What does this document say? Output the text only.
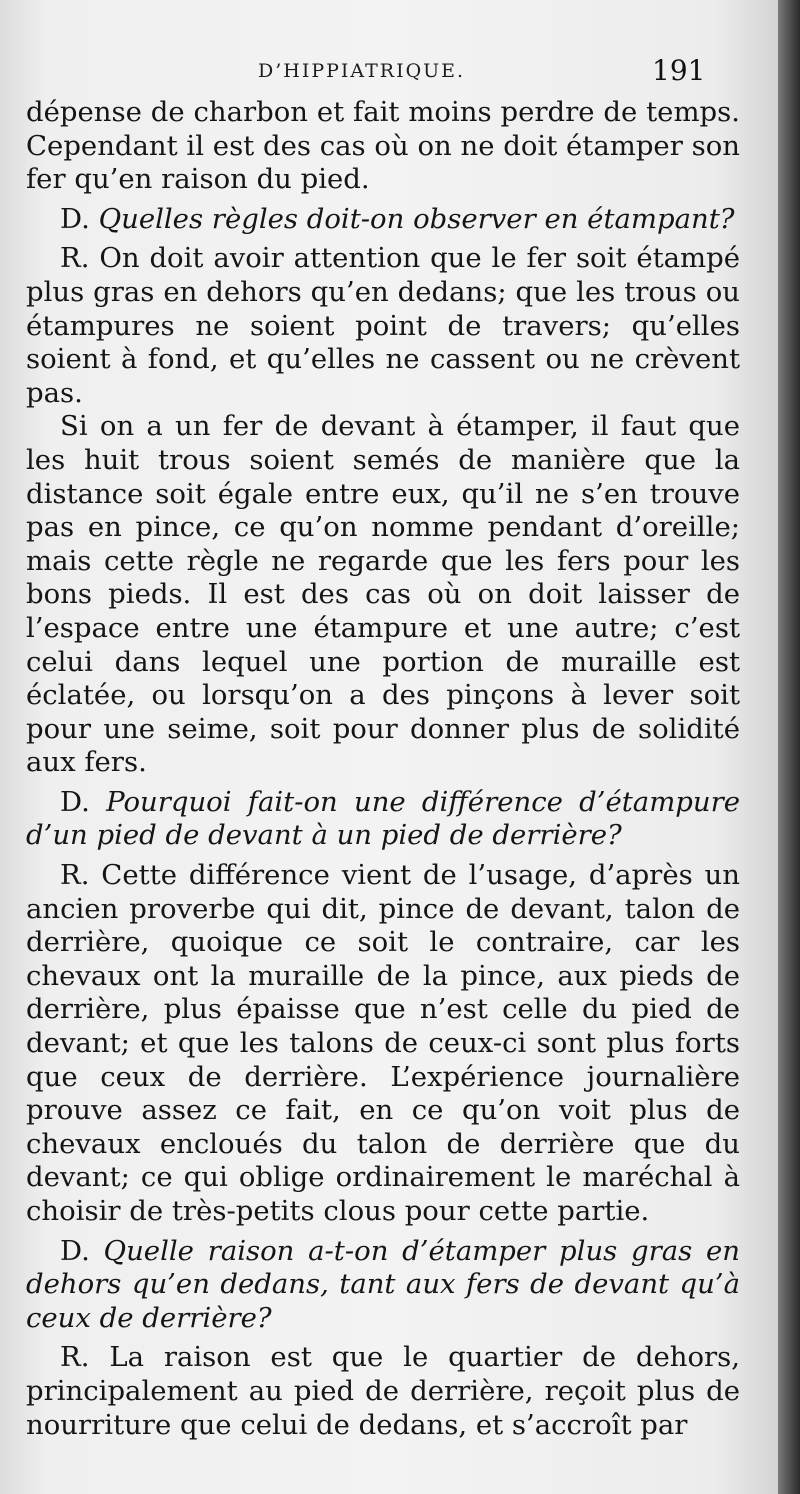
D’HIPPIATRIQUE.	191

dépense de charbon et fait moins perdre de temps. Cependant il est des cas où on ne doit étamper son fer qu’en raison du pied.

D. Quelles règles doit-on observer en étampant?

R. On doit avoir attention que le fer soit étampé plus gras en dehors qu’en dedans; que les trous ou étampures ne soient point de travers; qu’elles soient à fond, et qu’elles ne cassent ou ne crèvent pas.

Si on a un fer de devant à étamper, il faut que les huit trous soient semés de manière que la distance soit égale entre eux, qu’il ne s’en trouve pas en pince, ce qu’on nomme pendant d’oreille; mais cette règle ne regarde que les fers pour les bons pieds. Il est des cas où on doit laisser de l’espace entre une étampure et une autre; c’est celui dans lequel une portion de muraille est éclatée, ou lorsqu’on a des pinçons à lever soit pour une seime, soit pour donner plus de solidité aux fers.

D. Pourquoi fait-on une différence d’étampure d’un pied de devant à un pied de derrière?

R. Cette différence vient de l’usage, d’après un ancien proverbe qui dit, pince de devant, talon de derrière, quoique ce soit le contraire, car les chevaux ont la muraille de la pince, aux pieds de derrière, plus épaisse que n’est celle du pied de devant; et que les talons de ceux-ci sont plus forts que ceux de derrière. L’expérience journalière prouve assez ce fait, en ce qu’on voit plus de chevaux encloués du talon de derrière que du devant; ce qui oblige ordinairement le maréchal à choisir de très-petits clous pour cette partie.

D. Quelle raison a-t-on d’étamper plus gras en dehors qu’en dedans, tant aux fers de devant qu’à ceux de derrière?

R. La raison est que le quartier de dehors, principalement au pied de derrière, reçoit plus de nourriture que celui de dedans, et s’accroît par
